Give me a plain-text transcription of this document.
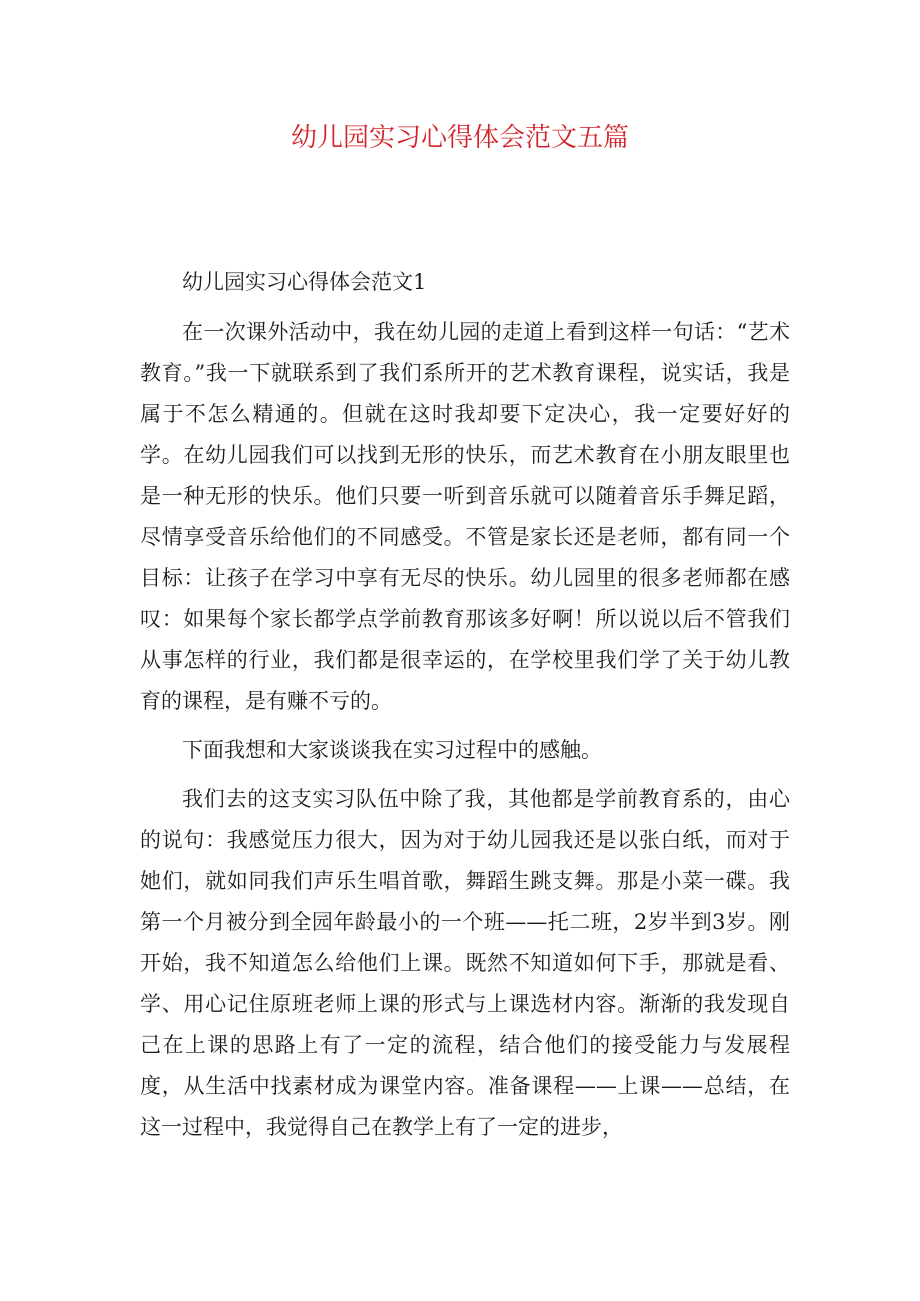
幼儿园实习心得体会范文五篇

幼儿园实习心得体会范文1

在一次课外活动中，我在幼儿园的走道上看到这样一句话：“艺术教育。”我一下就联系到了我们系所开的艺术教育课程，说实话，我是属于不怎么精通的。但就在这时我却要下定决心，我一定要好好的学。在幼儿园我们可以找到无形的快乐，而艺术教育在小朋友眼里也是一种无形的快乐。他们只要一听到音乐就可以随着音乐手舞足蹈，尽情享受音乐给他们的不同感受。不管是家长还是老师，都有同一个目标：让孩子在学习中享有无尽的快乐。幼儿园里的很多老师都在感叹：如果每个家长都学点学前教育那该多好啊！所以说以后不管我们从事怎样的行业，我们都是很幸运的，在学校里我们学了关于幼儿教育的课程，是有赚不亏的。

下面我想和大家谈谈我在实习过程中的感触。

我们去的这支实习队伍中除了我，其他都是学前教育系的，由心的说句：我感觉压力很大，因为对于幼儿园我还是以张白纸，而对于她们，就如同我们声乐生唱首歌，舞蹈生跳支舞。那是小菜一碟。我第一个月被分到全园年龄最小的一个班——托二班，2岁半到3岁。刚开始，我不知道怎么给他们上课。既然不知道如何下手，那就是看、学、用心记住原班老师上课的形式与上课选材内容。渐渐的我发现自己在上课的思路上有了一定的流程，结合他们的接受能力与发展程度，从生活中找素材成为课堂内容。准备课程——上课——总结，在这一过程中，我觉得自己在教学上有了一定的进步，
